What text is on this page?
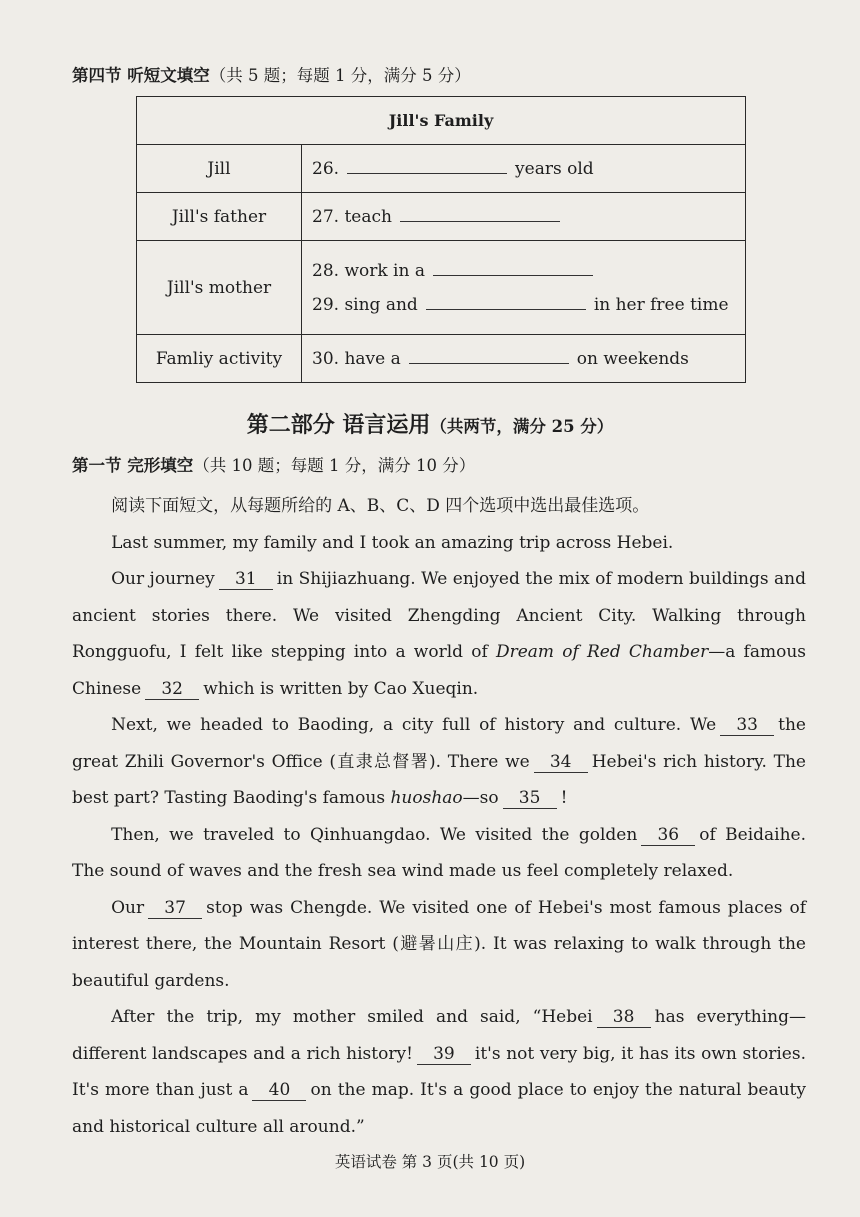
第四节 听短文填空（共 5 题；每题 1 分，满分 5 分）
Jill's Family	
Jill	26. years old
Jill's father	27. teach
Jill's mother	28. work in a
29. sing and in her free time

Famliy activity	30. have a on weekends
第二部分 语言运用（共两节，满分 25 分）
第一节 完形填空（共 10 题；每题 1 分，满分 10 分）

阅读下面短文，从每题所给的 A、B、C、D 四个选项中选出最佳选项。

Last summer, my family and I took an amazing trip across Hebei.

Our journey 31 in Shijiazhuang. We enjoyed the mix of modern buildings and ancient stories there. We visited Zhengding Ancient City. Walking through Rongguofu, I felt like stepping into a world of Dream of Red Chamber—a famous Chinese 32 which is written by Cao Xueqin.

Next, we headed to Baoding, a city full of history and culture. We 33 the great Zhili Governor's Office (直隶总督署). There we 34 Hebei's rich history. The best part? Tasting Baoding's famous huoshao—so 35 !

Then, we traveled to Qinhuangdao. We visited the golden 36 of Beidaihe. The sound of waves and the fresh sea wind made us feel completely relaxed.

Our 37 stop was Chengde. We visited one of Hebei's most famous places of interest there, the Mountain Resort (避暑山庄). It was relaxing to walk through the beautiful gardens.

After the trip, my mother smiled and said, “Hebei 38 has everything—different landscapes and a rich history! 39 it's not very big, it has its own stories. It's more than just a 40 on the map. It's a good place to enjoy the natural beauty and historical culture all around.”

英语试卷 第 3 页(共 10 页)
